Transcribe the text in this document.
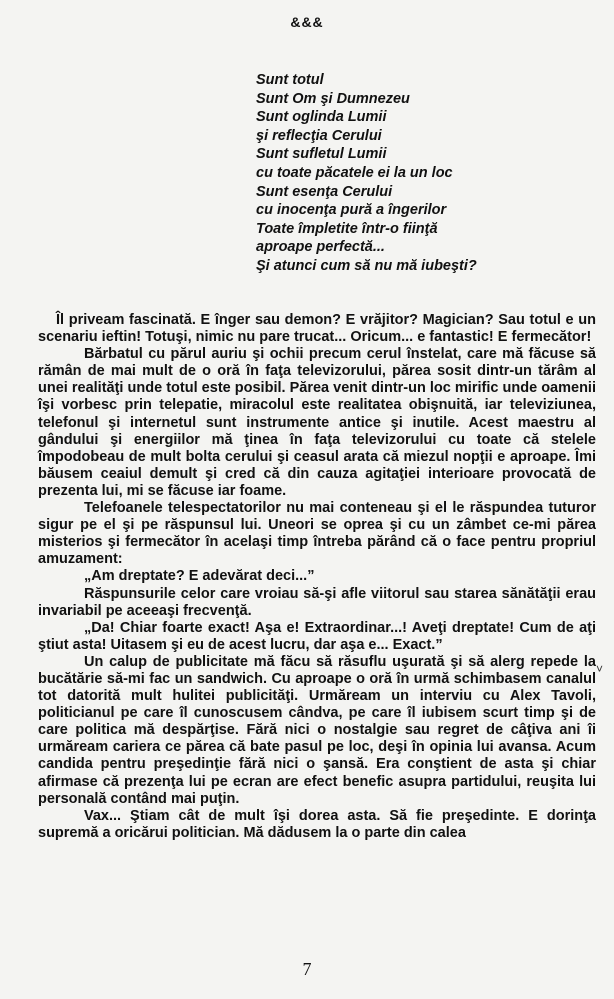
&&&
Sunt totul
Sunt Om şi Dumnezeu
Sunt oglinda Lumii
şi reflecţia Cerului
Sunt sufletul Lumii
cu toate păcatele ei la un loc
Sunt esenţa Cerului
cu inocenţa pură a îngerilor
Toate împletite într-o fiinţă
aproape perfectă...
Şi atunci cum să nu mă iubeşti?

Îl priveam fascinată. E înger sau demon? E vrăjitor? Magician? Sau totul e un scenariu ieftin! Totuşi, nimic nu pare trucat... Oricum... e fantastic! E fermecător!

Bărbatul cu părul auriu şi ochii precum cerul înstelat, care mă făcuse să rămân de mai mult de o oră în faţa televizorului, părea sosit dintr-un tărâm al unei realităţi unde totul este posibil. Părea venit dintr-un loc mirific unde oamenii îşi vorbesc prin telepatie, miracolul este realitatea obişnuită, iar televiziunea, telefonul şi internetul sunt instrumente antice şi inutile. Acest maestru al gândului şi energiilor mă ţinea în faţa televizorului cu toate că stelele împodobeau de mult bolta cerului şi ceasul arata că miezul nopţii e aproape. Îmi băusem ceaiul demult şi cred că din cauza agitaţiei interioare provocată de prezenta lui, mi se făcuse iar foame.

Telefoanele telespectatorilor nu mai conteneau şi el le răspundea tuturor sigur pe el şi pe răspunsul lui. Uneori se oprea şi cu un zâmbet ce-mi părea misterios şi fermecător în acelaşi timp întreba părând că o face pentru propriul amuzament:

„Am dreptate? E adevărat deci...”

Răspunsurile celor care vroiau să-şi afle viitorul sau starea sănătăţii erau invariabil pe aceeaşi frecvenţă.

„Da! Chiar foarte exact! Aşa e! Extraordinar...! Aveţi dreptate! Cum de aţi ştiut asta! Uitasem şi eu de acest lucru, dar aşa e... Exact.”

Un calup de publicitate mă făcu să răsuflu uşurată şi să alerg repede la bucătărie să-mi fac un sandwich. Cu aproape o oră în urmă schimbasem canalul tot datorită mult hulitei publicităţi. Urmăream un interviu cu Alex Tavoli, politicianul pe care îl cunoscusem cândva, pe care îl iubisem scurt timp şi de care politica mă despărţise. Fără nici o nostalgie sau regret de câţiva ani îi urmăream cariera ce părea că bate pasul pe loc, deşi în opinia lui avansa. Acum candida pentru preşedinţie fără nici o şansă. Era conştient de asta şi chiar afirmase că prezenţa lui pe ecran are efect benefic asupra partidului, reuşita lui personală contând mai puţin.

Vax... Ştiam cât de mult îşi dorea asta. Să fie preşedinte. E dorinţa supremă a oricărui politician. Mă dădusem la o parte din calea

˅
7
